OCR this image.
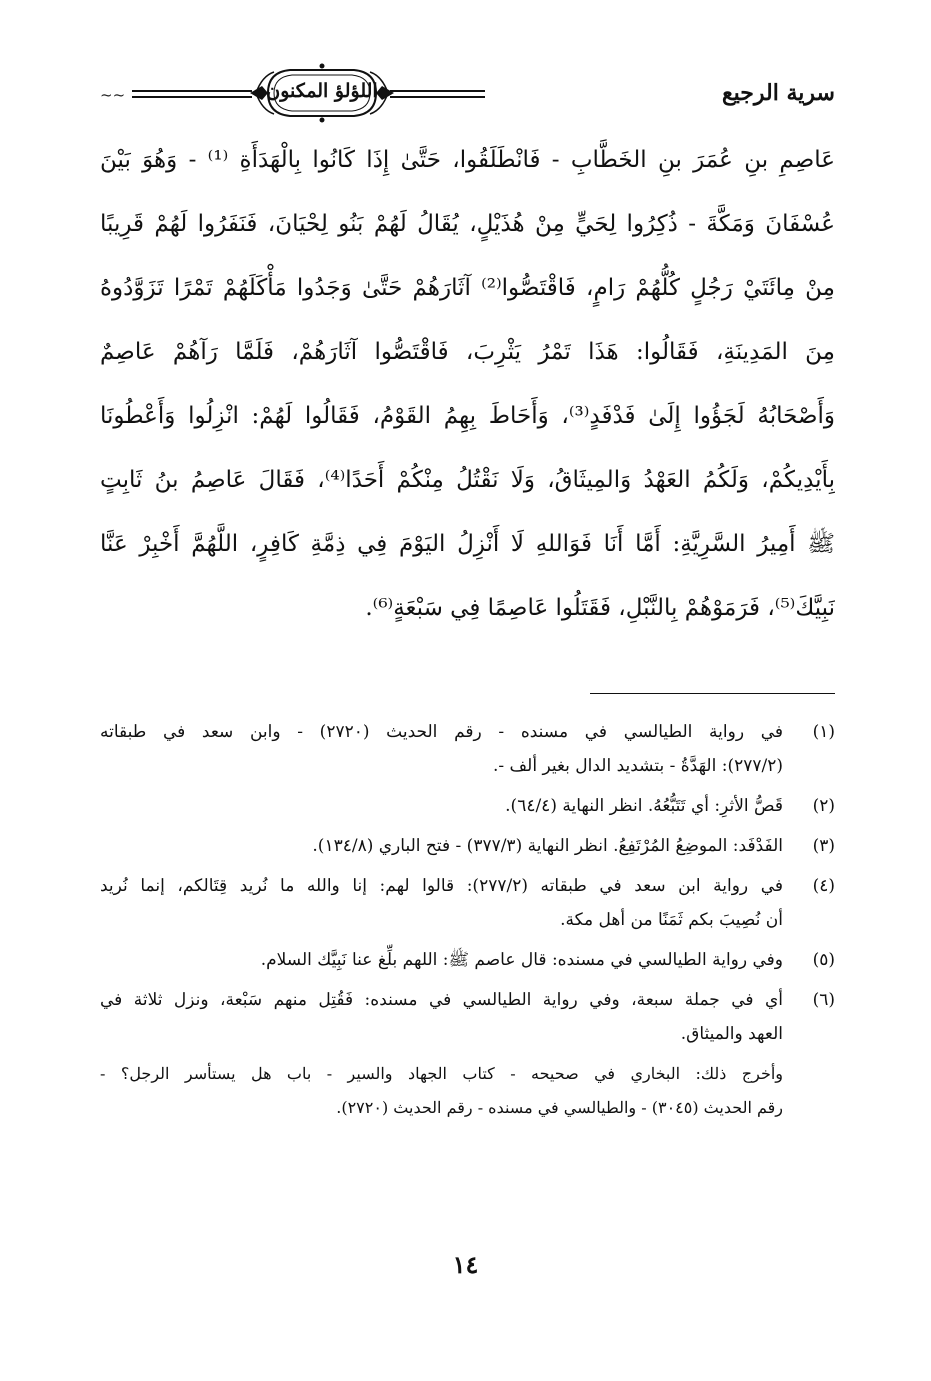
سرية الرجيع
اللؤلؤ المكنون
~~
عَاصِمِ بنِ عُمَرَ بنِ الخَطَّابِ - فَانْطَلَقُوا، حَتَّىٰ إِذَا كَانُوا بِالْهَدَأَةِ ⁽¹⁾ - وَهُوَ بَيْنَ
عُسْفَانَ وَمَكَّةَ - ذُكِرُوا لِحَيٍّ مِنْ هُذَيْلٍ، يُقَالُ لَهُمْ بَنُو لِحْيَانَ، فَنَفَرُوا لَهُمْ قَرِيبًا
مِنْ مِائَتَيْ رَجُلٍ كُلُّهُمْ رَامٍ، فَاقْتَصُّوا⁽²⁾ آثَارَهُمْ حَتَّىٰ وَجَدُوا مَأْكَلَهُمْ تَمْرًا تَزَوَّدُوهُ
مِنَ المَدِينَةِ، فَقَالُوا: هَذَا تَمْرُ يَثْرِبَ، فَاقْتَصُّوا آثَارَهُمْ، فَلَمَّا رَآهُمْ عَاصِمٌ
وَأَصْحَابُهُ لَجَؤُوا إِلَىٰ فَدْفَدٍ⁽³⁾، وَأَحَاطَ بِهِمُ القَوْمُ، فَقَالُوا لَهُمْ: انْزِلُوا وَأَعْطُونَا
بِأَيْدِيكُمْ، وَلَكُمُ العَهْدُ وَالمِيثَاقُ، وَلَا نَقْتُلُ مِنْكُمْ أَحَدًا⁽⁴⁾، فَقَالَ عَاصِمُ بنُ ثَابِتٍ
ﷺ أَمِيرُ السَّرِيَّةِ: أَمَّا أَنَا فَوَاللهِ لَا أَنْزِلُ اليَوْمَ فِي ذِمَّةِ كَافِرٍ، اللَّهُمَّ أَخْبِرْ عَنَّا
نَبِيَّكَ⁽⁵⁾، فَرَمَوْهُمْ بِالنَّبْلِ، فَقَتَلُوا عَاصِمًا فِي سَبْعَةٍ⁽⁶⁾.
(١)
في رواية الطيالسي في مسنده - رقم الحديث (٢٧٢٠) - وابن سعد في طبقاته
(٢٧٧/٢): الهَدَّةُ - بتشديد الدال بغير ألف -.
(٢)
قَصُّ الأثرِ: أي تَتَبُّعُهُ. انظر النهاية (٦٤/٤).
(٣)
الفَدْفَد: الموضِعُ المُرْتَفِعُ. انظر النهاية (٣٧٧/٣) - فتح الباري (١٣٤/٨).
(٤)
في رواية ابن سعد في طبقاته (٢٧٧/٢): قالوا لهم: إنا والله ما نُريد قِتَالكم، إنما نُريد
أن نُصِيبَ بكم ثَمَنًا من أهل مكة.
(٥)
وفي رواية الطيالسي في مسنده: قال عاصم ﷺ: اللهم بلِّغ عنا نَبِيَّك السلام.
(٦)
أي في جملة سبعة، وفي رواية الطيالسي في مسنده: فَقُتِل منهم سَبْعة، ونزل ثلاثة في
العهد والميثاق.
وأخرج ذلك: البخاري في صحيحه - كتاب الجهاد والسير - باب هل يستأسر الرجل؟ -
رقم الحديث (٣٠٤٥) - والطيالسي في مسنده - رقم الحديث (٢٧٢٠).
١٤
